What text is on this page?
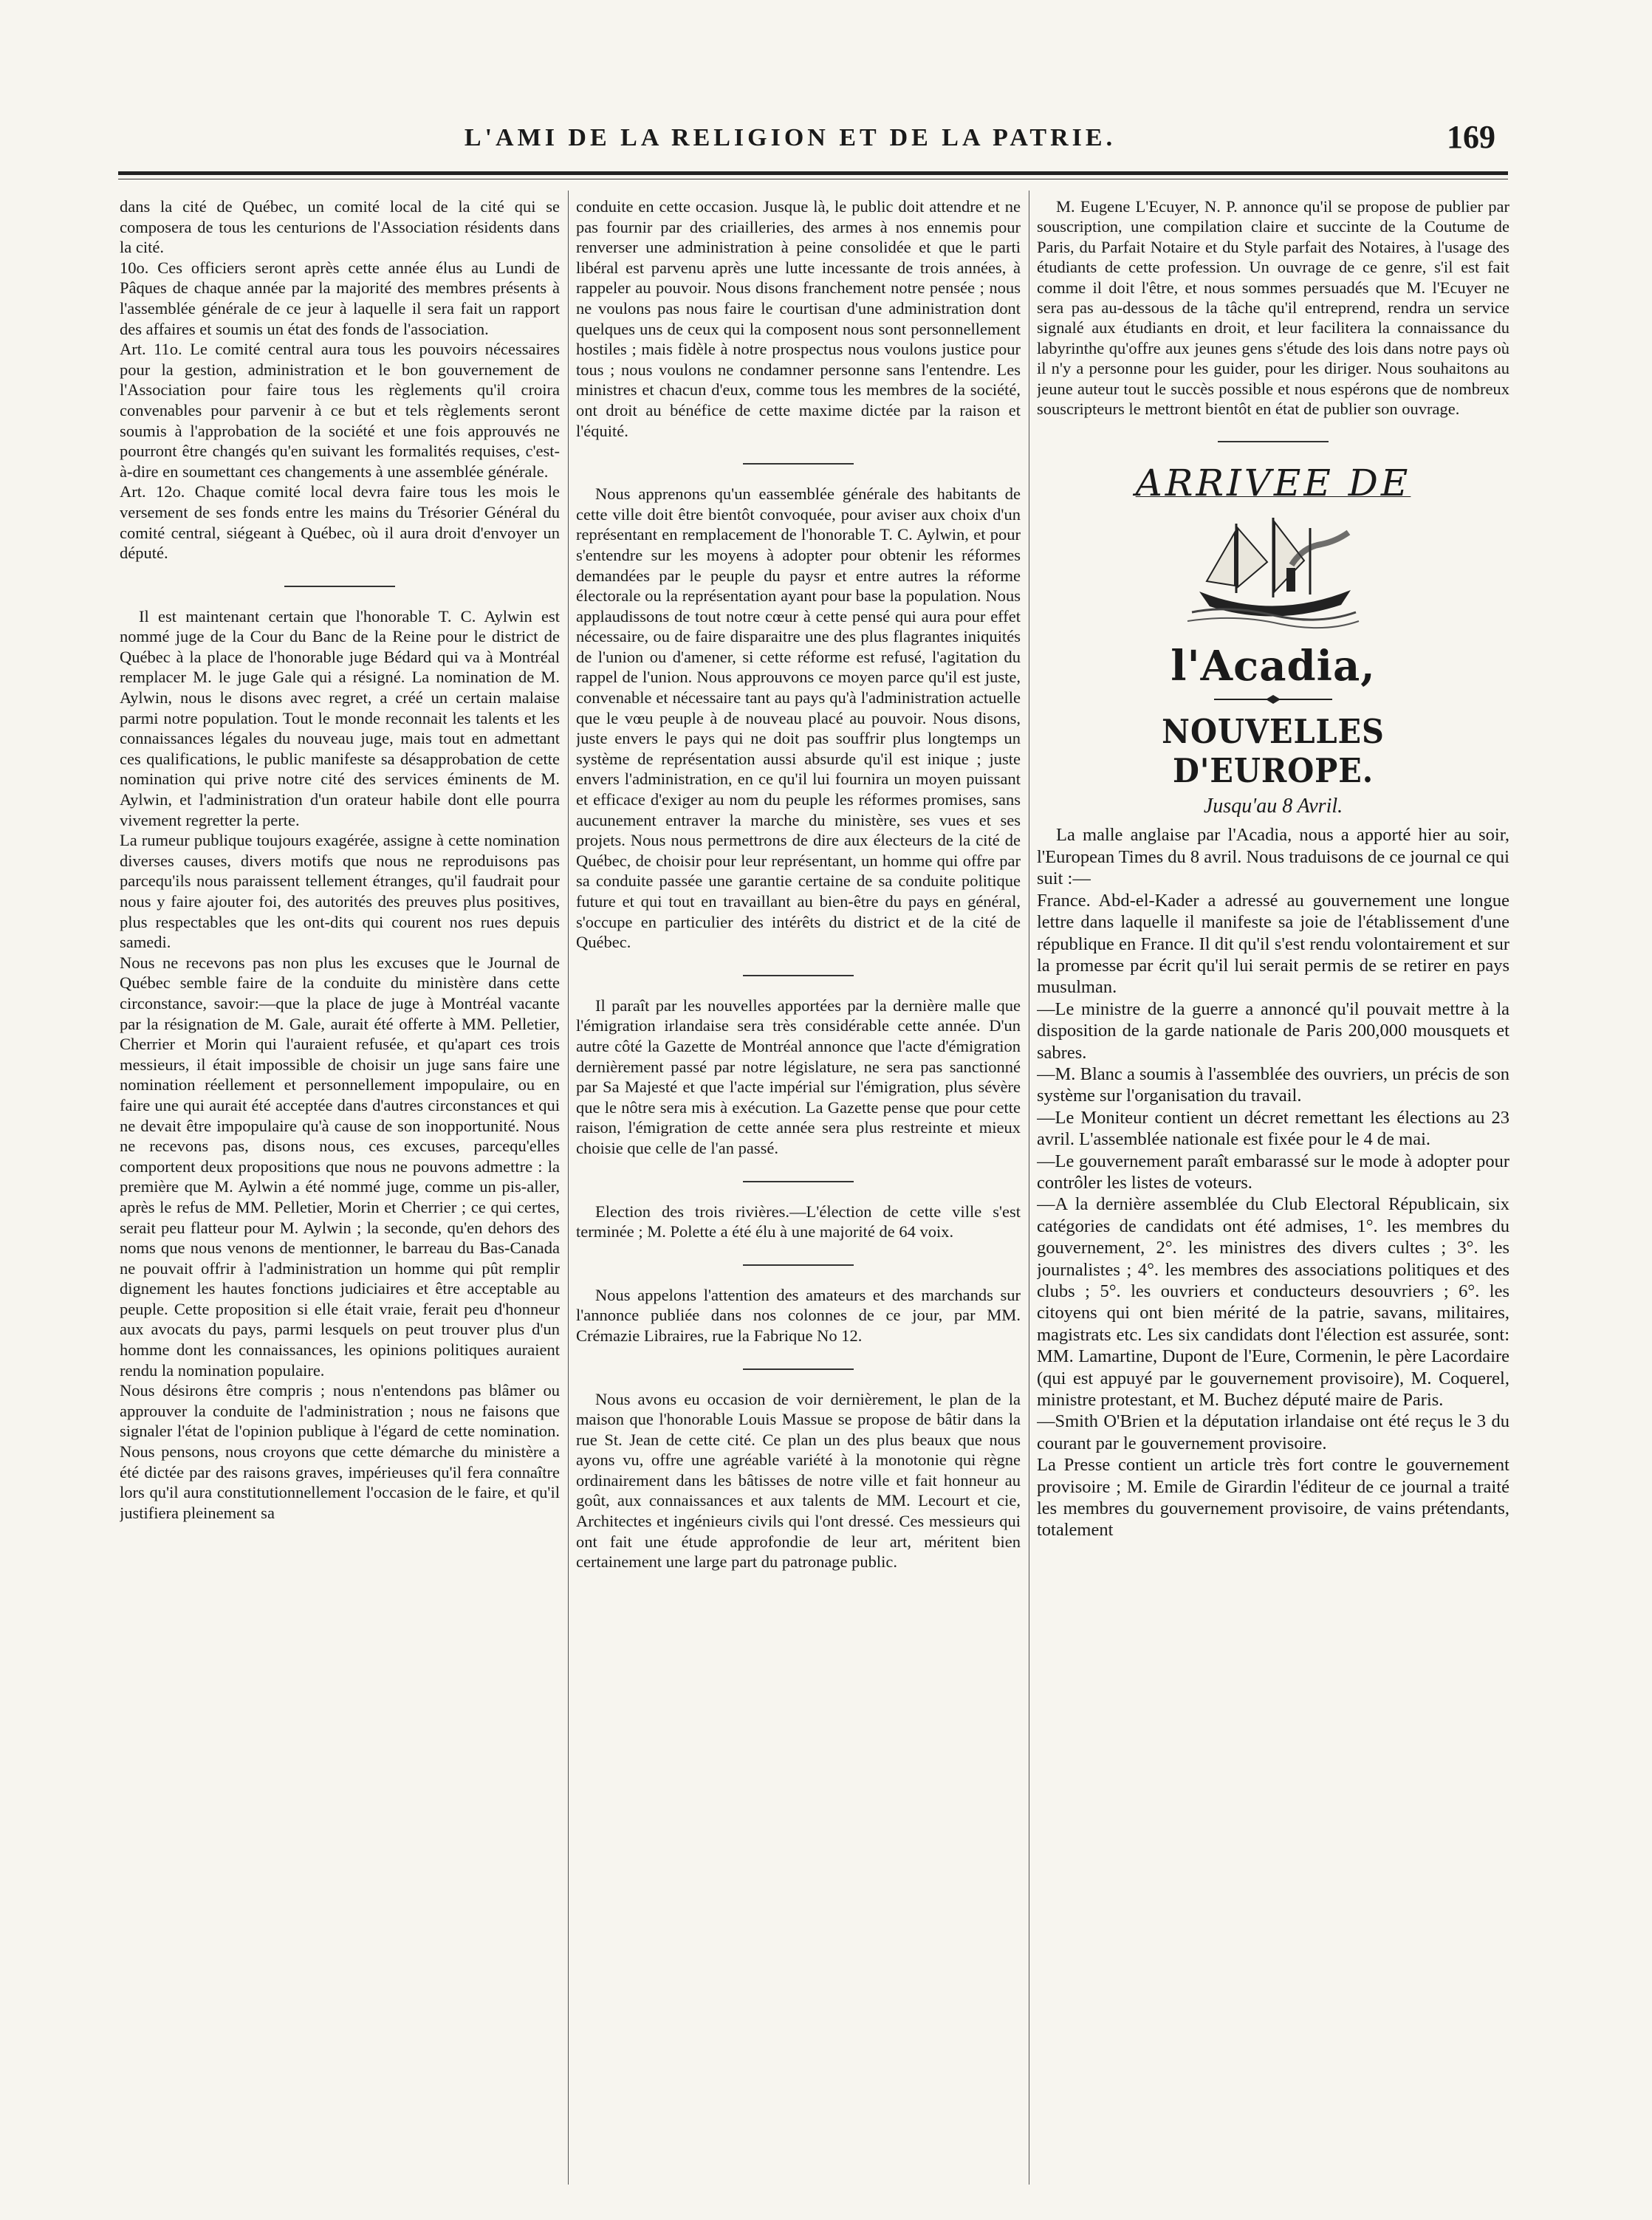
L'AMI DE LA RELIGION ET DE LA PATRIE.	169

dans la cité de Québec, un comité local de la cité qui se composera de tous les centurions de l'Association résidents dans la cité.

10o. Ces officiers seront après cette année élus au Lundi de Pâques de chaque année par la majorité des membres présents à l'assemblée générale de ce jeur à laquelle il sera fait un rapport des affaires et soumis un état des fonds de l'association.

Art. 11o. Le comité central aura tous les pouvoirs nécessaires pour la gestion, administration et le bon gouvernement de l'Association pour faire tous les règlements qu'il croira convenables pour parvenir à ce but et tels règlements seront soumis à l'approbation de la société et une fois approuvés ne pourront être changés qu'en suivant les formalités requises, c'est-à-dire en soumettant ces changements à une assemblée générale.

Art. 12o. Chaque comité local devra faire tous les mois le versement de ses fonds entre les mains du Trésorier Général du comité central, siégeant à Québec, où il aura droit d'envoyer un député.

Il est maintenant certain que l'honorable T. C. Aylwin est nommé juge de la Cour du Banc de la Reine pour le district de Québec à la place de l'honorable juge Bédard qui va à Montréal remplacer M. le juge Gale qui a résigné. La nomination de M. Aylwin, nous le disons avec regret, a créé un certain malaise parmi notre population. Tout le monde reconnait les talents et les connaissances légales du nouveau juge, mais tout en admettant ces qualifications, le public manifeste sa désapprobation de cette nomination qui prive notre cité des services éminents de M. Aylwin, et l'administration d'un orateur habile dont elle pourra vivement regretter la perte.

La rumeur publique toujours exagérée, assigne à cette nomination diverses causes, divers motifs que nous ne reproduisons pas parcequ'ils nous paraissent tellement étranges, qu'il faudrait pour nous y faire ajouter foi, des autorités des preuves plus positives, plus respectables que les ont-dits qui courent nos rues depuis samedi.

Nous ne recevons pas non plus les excuses que le Journal de Québec semble faire de la conduite du ministère dans cette circonstance, savoir:—que la place de juge à Montréal vacante par la résignation de M. Gale, aurait été offerte à MM. Pelletier, Cherrier et Morin qui l'auraient refusée, et qu'apart ces trois messieurs, il était impossible de choisir un juge sans faire une nomination réellement et personnellement impopulaire, ou en faire une qui aurait été acceptée dans d'autres circonstances et qui ne devait être impopulaire qu'à cause de son inopportunité. Nous ne recevons pas, disons nous, ces excuses, parcequ'elles comportent deux propositions que nous ne pouvons admettre : la première que M. Aylwin a été nommé juge, comme un pis-aller, après le refus de MM. Pelletier, Morin et Cherrier ; ce qui certes, serait peu flatteur pour M. Aylwin ; la seconde, qu'en dehors des noms que nous venons de mentionner, le barreau du Bas-Canada ne pouvait offrir à l'administration un homme qui pût remplir dignement les hautes fonctions judiciaires et être acceptable au peuple. Cette proposition si elle était vraie, ferait peu d'honneur aux avocats du pays, parmi lesquels on peut trouver plus d'un homme dont les connaissances, les opinions politiques auraient rendu la nomination populaire.

Nous désirons être compris ; nous n'entendons pas blâmer ou approuver la conduite de l'administration ; nous ne faisons que signaler l'état de l'opinion publique à l'égard de cette nomination. Nous pensons, nous croyons que cette démarche du ministère a été dictée par des raisons graves, impérieuses qu'il fera connaître lors qu'il aura constitutionnellement l'occasion de le faire, et qu'il justifiera pleinement sa

conduite en cette occasion. Jusque là, le public doit attendre et ne pas fournir par des criailleries, des armes à nos ennemis pour renverser une administration à peine consolidée et que le parti libéral est parvenu après une lutte incessante de trois années, à rappeler au pouvoir. Nous disons franchement notre pensée ; nous ne voulons pas nous faire le courtisan d'une administration dont quelques uns de ceux qui la composent nous sont personnellement hostiles ; mais fidèle à notre prospectus nous voulons justice pour tous ; nous voulons ne condamner personne sans l'entendre. Les ministres et chacun d'eux, comme tous les membres de la société, ont droit au bénéfice de cette maxime dictée par la raison et l'équité.

Nous apprenons qu'un eassemblée générale des habitants de cette ville doit être bientôt convoquée, pour aviser aux choix d'un représentant en remplacement de l'honorable T. C. Aylwin, et pour s'entendre sur les moyens à adopter pour obtenir les réformes demandées par le peuple du paysr et entre autres la réforme électorale ou la représentation ayant pour base la population. Nous applaudissons de tout notre cœur à cette pensé qui aura pour effet nécessaire, ou de faire disparaitre une des plus flagrantes iniquités de l'union ou d'amener, si cette réforme est refusé, l'agitation du rappel de l'union. Nous approuvons ce moyen parce qu'il est juste, convenable et nécessaire tant au pays qu'à l'administration actuelle que le vœu peuple à de nouveau placé au pouvoir. Nous disons, juste envers le pays qui ne doit pas souffrir plus longtemps un système de représentation aussi absurde qu'il est inique ; juste envers l'administration, en ce qu'il lui fournira un moyen puissant et efficace d'exiger au nom du peuple les réformes promises, sans aucunement entraver la marche du ministère, ses vues et ses projets. Nous nous permettrons de dire aux électeurs de la cité de Québec, de choisir pour leur représentant, un homme qui offre par sa conduite passée une garantie certaine de sa conduite politique future et qui tout en travaillant au bien-être du pays en général, s'occupe en particulier des intérêts du district et de la cité de Québec.

Il paraît par les nouvelles apportées par la dernière malle que l'émigration irlandaise sera très considérable cette année. D'un autre côté la Gazette de Montréal annonce que l'acte d'émigration dernièrement passé par notre législature, ne sera pas sanctionné par Sa Majesté et que l'acte impérial sur l'émigration, plus sévère que le nôtre sera mis à exécution. La Gazette pense que pour cette raison, l'émigration de cette année sera plus restreinte et mieux choisie que celle de l'an passé.

Election des trois rivières.—L'élection de cette ville s'est terminée ; M. Polette a été élu à une majorité de 64 voix.

Nous appelons l'attention des amateurs et des marchands sur l'annonce publiée dans nos colonnes de ce jour, par MM. Crémazie Libraires, rue la Fabrique No 12.

Nous avons eu occasion de voir dernièrement, le plan de la maison que l'honorable Louis Massue se propose de bâtir dans la rue St. Jean de cette cité. Ce plan un des plus beaux que nous ayons vu, offre une agréable variété à la monotonie qui règne ordinairement dans les bâtisses de notre ville et fait honneur au goût, aux connaissances et aux talents de MM. Lecourt et cie, Architectes et ingénieurs civils qui l'ont dressé. Ces messieurs qui ont fait une étude approfondie de leur art, méritent bien certainement une large part du patronage public.

M. Eugene L'Ecuyer, N. P. annonce qu'il se propose de publier par souscription, une compilation claire et succinte de la Coutume de Paris, du Parfait Notaire et du Style parfait des Notaires, à l'usage des étudiants de cette profession. Un ouvrage de ce genre, s'il est fait comme il doit l'être, et nous sommes persuadés que M. l'Ecuyer ne sera pas au-dessous de la tâche qu'il entreprend, rendra un service signalé aux étudiants en droit, et leur facilitera la connaissance du labyrinthe qu'offre aux jeunes gens s'étude des lois dans notre pays où il n'y a personne pour les guider, pour les diriger. Nous souhaitons au jeune auteur tout le succès possible et nous espérons que de nombreux souscripteurs le mettront bientôt en état de publier son ouvrage.

ARRIVEE DE
l'Acadia,
NOUVELLES D'EUROPE.
Jusqu'au 8 Avril.

La malle anglaise par l'Acadia, nous a apporté hier au soir, l'European Times du 8 avril. Nous traduisons de ce journal ce qui suit :—

France. Abd-el-Kader a adressé au gouvernement une longue lettre dans laquelle il manifeste sa joie de l'établissement d'une république en France. Il dit qu'il s'est rendu volontairement et sur la promesse par écrit qu'il lui serait permis de se retirer en pays musulman.

—Le ministre de la guerre a annoncé qu'il pouvait mettre à la disposition de la garde nationale de Paris 200,000 mousquets et sabres.

—M. Blanc a soumis à l'assemblée des ouvriers, un précis de son système sur l'organisation du travail.

—Le Moniteur contient un décret remettant les élections au 23 avril. L'assemblée nationale est fixée pour le 4 de mai.

—Le gouvernement paraît embarassé sur le mode à adopter pour contrôler les listes de voteurs.

—A la dernière assemblée du Club Electoral Républicain, six catégories de candidats ont été admises, 1°. les membres du gouvernement, 2°. les ministres des divers cultes ; 3°. les journalistes ; 4°. les membres des associations politiques et des clubs ; 5°. les ouvriers et conducteurs desouvriers ; 6°. les citoyens qui ont bien mérité de la patrie, savans, militaires, magistrats etc. Les six candidats dont l'élection est assurée, sont: MM. Lamartine, Dupont de l'Eure, Cormenin, le père Lacordaire (qui est appuyé par le gouvernement provisoire), M. Coquerel, ministre protestant, et M. Buchez député maire de Paris.

—Smith O'Brien et la députation irlandaise ont été reçus le 3 du courant par le gouvernement provisoire.

La Presse contient un article très fort contre le gouvernement provisoire ; M. Emile de Girardin l'éditeur de ce journal a traité les membres du gouvernement provisoire, de vains prétendants, totalement
